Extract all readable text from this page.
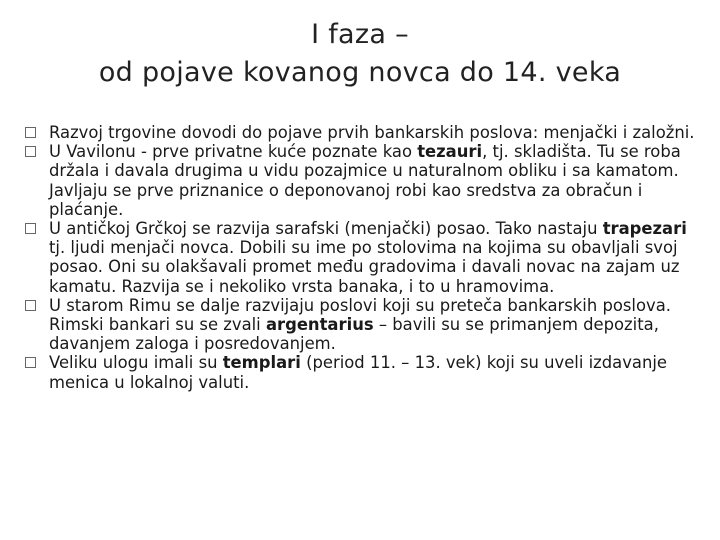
I faza –
od pojave kovanog novca do 14. veka
Razvoj trgovine dovodi do pojave prvih bankarskih poslova: menjački i založni.
U Vavilonu - prve privatne kuće poznate kao tezauri, tj. skladišta. Tu se roba držala i davala drugima u vidu pozajmice u naturalnom obliku i sa kamatom. Javljaju se prve priznanice o deponovanoj robi kao sredstva za obračun i plaćanje.
U antičkoj Grčkoj se razvija sarafski (menjački) posao. Tako nastaju trapezari tj. ljudi menjači novca. Dobili su ime po stolovima na kojima su obavljali svoj posao. Oni su olakšavali promet među gradovima i davali novac na zajam uz kamatu. Razvija se i nekoliko vrsta banaka, i to u hramovima.
U starom Rimu se dalje razvijaju poslovi koji su preteča bankarskih poslova. Rimski bankari su se zvali argentarius – bavili su se primanjem depozita, davanjem zaloga i posredovanjem.
Veliku ulogu imali su templari (period 11. – 13. vek) koji su uveli izdavanje menica u lokalnoj valuti.
